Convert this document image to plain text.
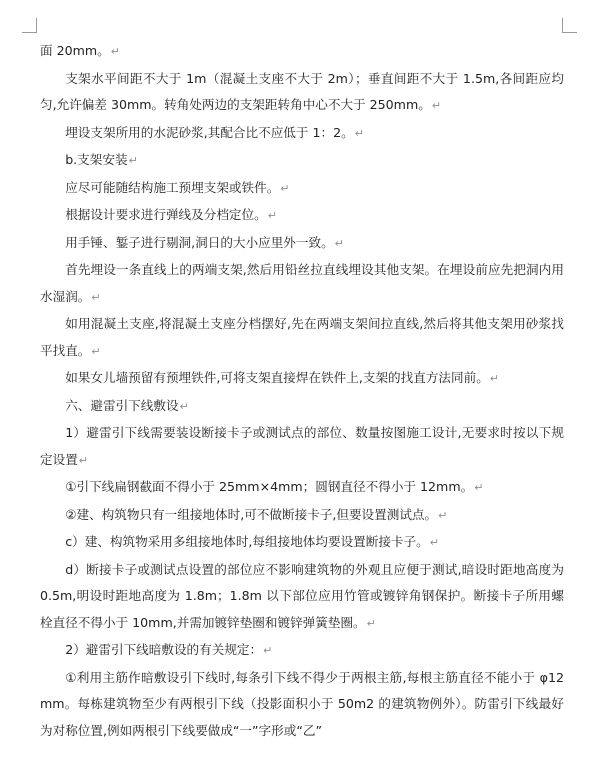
面 20mm。↵

支架水平间距不大于 1m（混凝土支座不大于 2m）；垂直间距不大于 1.5m,各间距应均匀,允许偏差 30mm。转角处两边的支架距转角中心不大于 250mm。↵

埋设支架所用的水泥砂浆,其配合比不应低于 1：2。↵

b.支架安装↵

应尽可能随结构施工预埋支架或铁件。↵

根据设计要求进行弹线及分档定位。↵

用手锤、錾子进行剔洞,洞日的大小应里外一致。↵

首先埋设一条直线上的两端支架,然后用铅丝拉直线埋设其他支架。在埋设前应先把洞内用水湿润。↵

如用混凝土支座,将混凝土支座分档摆好,先在两端支架间拉直线,然后将其他支架用砂浆找平找直。↵

如果女儿墙预留有预埋铁件,可将支架直接焊在铁件上,支架的找直方法同前。↵

六、避雷引下线敷设↵

1）避雷引下线需要装设断接卡子或测试点的部位、数量按图施工设计,无要求时按以下规定设置↵

①引下线扁钢截面不得小于 25mm×4mm；圆钢直径不得小于 12mm。↵

②建、构筑物只有一组接地体时,可不做断接卡子,但要设置测试点。↵

c）建、构筑物采用多组接地体时,每组接地体均要设置断接卡子。↵

d）断接卡子或测试点设置的部位应不影响建筑物的外观且应便于测试,暗设时距地高度为 0.5m,明设时距地高度为 1.8m；1.8m 以下部位应用竹管或镀锌角钢保护。断接卡子所用螺栓直径不得小于 10mm,并需加镀锌垫圈和镀锌弹簧垫圈。↵

2）避雷引下线暗敷设的有关规定：↵

①利用主筋作暗敷设引下线时,每条引下线不得少于两根主筋,每根主筋直径不能小于 φ12mm。每栋建筑物至少有两根引下线（投影面积小于 50m2 的建筑物例外）。防雷引下线最好为对称位置,例如两根引下线要做成“一”字形或“乙”
